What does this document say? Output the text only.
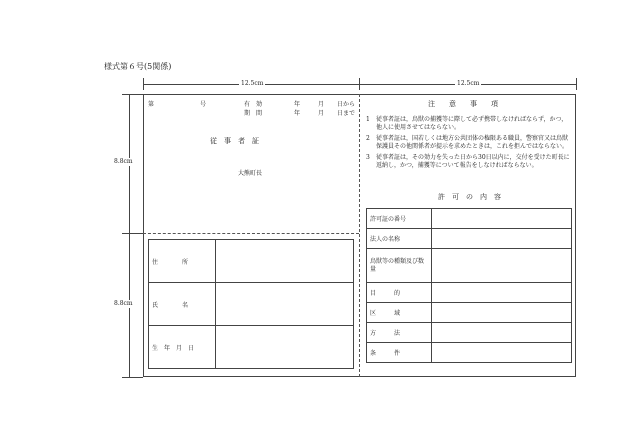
様式第６号(5関係)
12.5cm	12.5cm
8.8cm
8.8cm
第	号	有　効
期　間
年	月 日から
年	月 日まで
従　事　者　証
大熊町長
住　　　　所	
氏　　　　名	
生　年　月　日	
注　　意　　事　　項
1	従事者証は，鳥獣の捕獲等に際して必ず携帯しなければならず，かつ，他人に使用させてはならない。
2	従事者証は，国若しくは地方公共団体の権限ある職員，警察官又は鳥獣保護員その他関係者が提示を求めたときは，これを拒んではならない。
3	従事者証は，その効力を失った日から30日以内に，交付を受けた町長に返納し，かつ，捕獲等について報告をしなければならない。
許　可　の　内　容
許可証の番号	
法人の名称	
鳥獣等の種類及び数量	
目　　　的	
区　　　域	
方　　　法	
条　　　件	
